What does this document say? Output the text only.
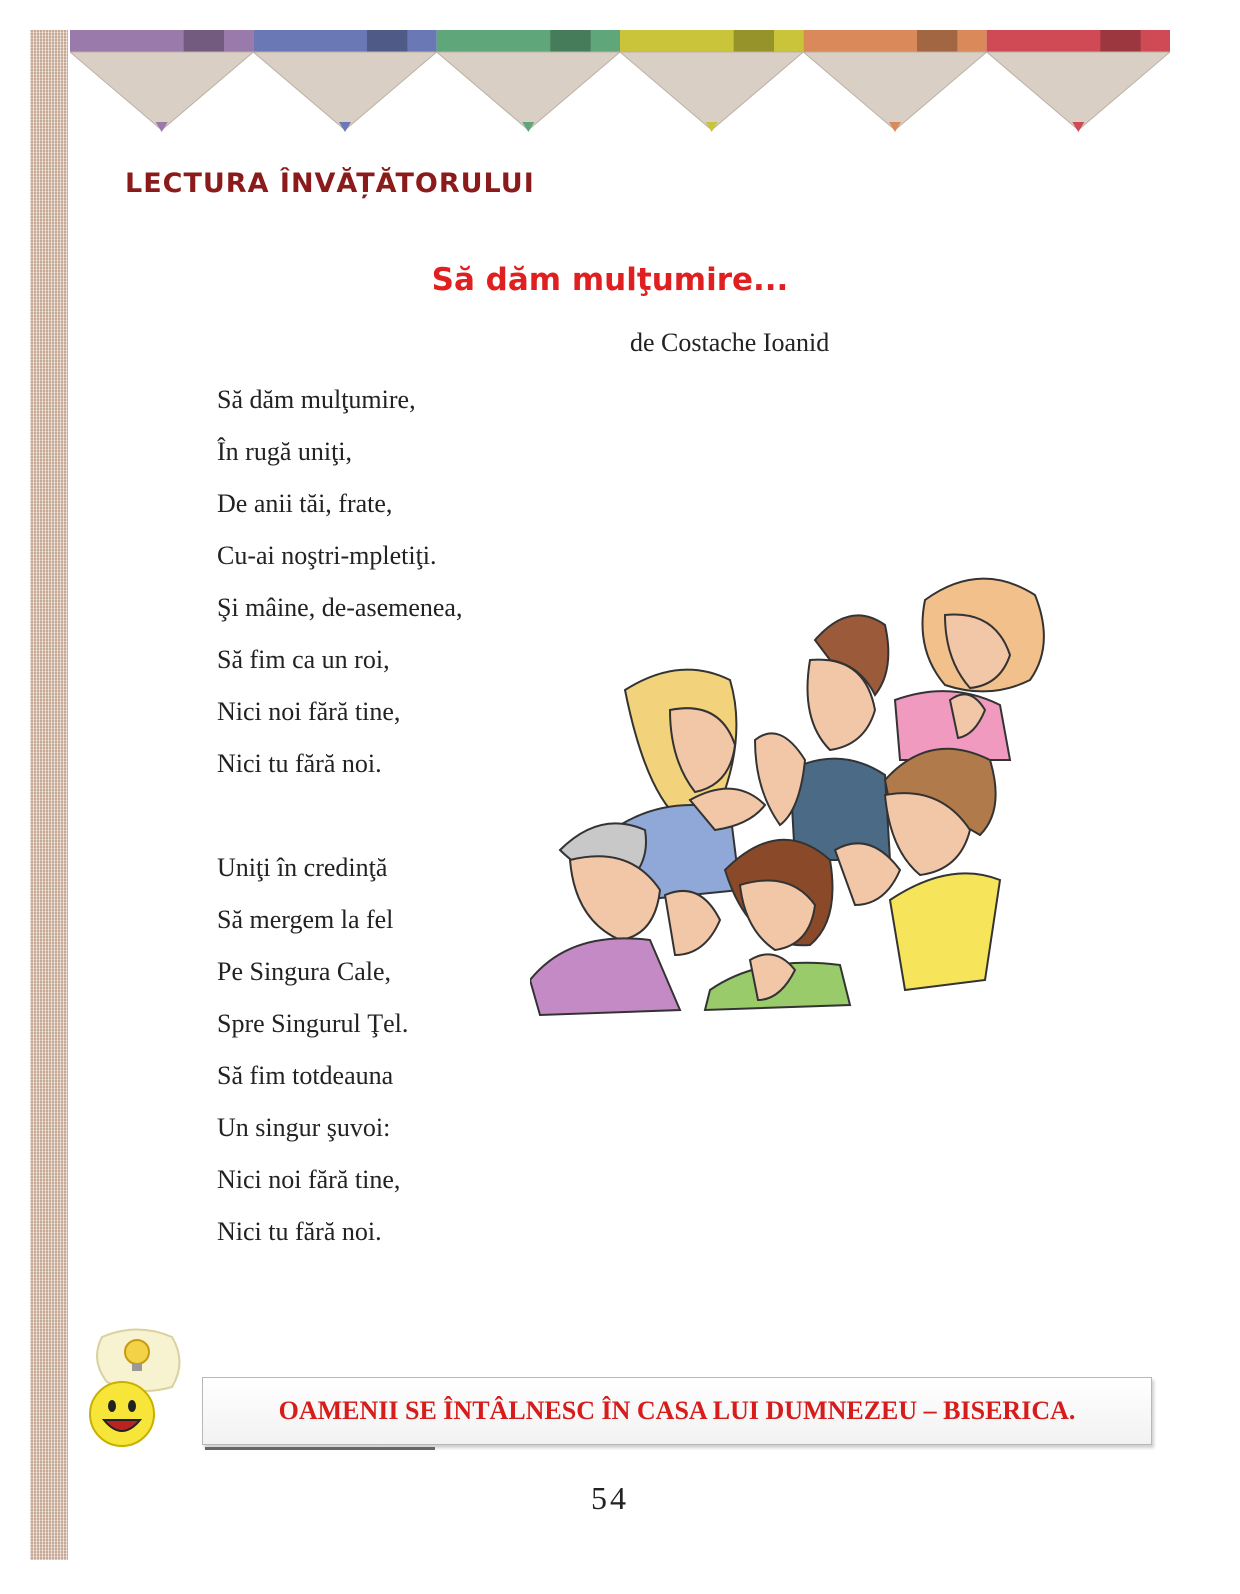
LECTURA ÎNVĂȚĂTORULUI
Să dăm mulţumire...
de Costache Ioanid
Să dăm mulţumire,
În rugă uniţi,
De anii tăi, frate,
Cu-ai noştri-mpletiţi.
Şi mâine, de-asemenea,
Să fim ca un roi,
Nici noi fără tine,
Nici tu fără noi.
Uniţi în credinţă
Să mergem la fel
Pe Singura Cale,
Spre Singurul Ţel.
Să fim totdeauna
Un singur şuvoi:
Nici noi fără tine,
Nici tu fără noi.
OAMENII SE ÎNTÂLNESC ÎN CASA LUI DUMNEZEU – BISERICA.
54
